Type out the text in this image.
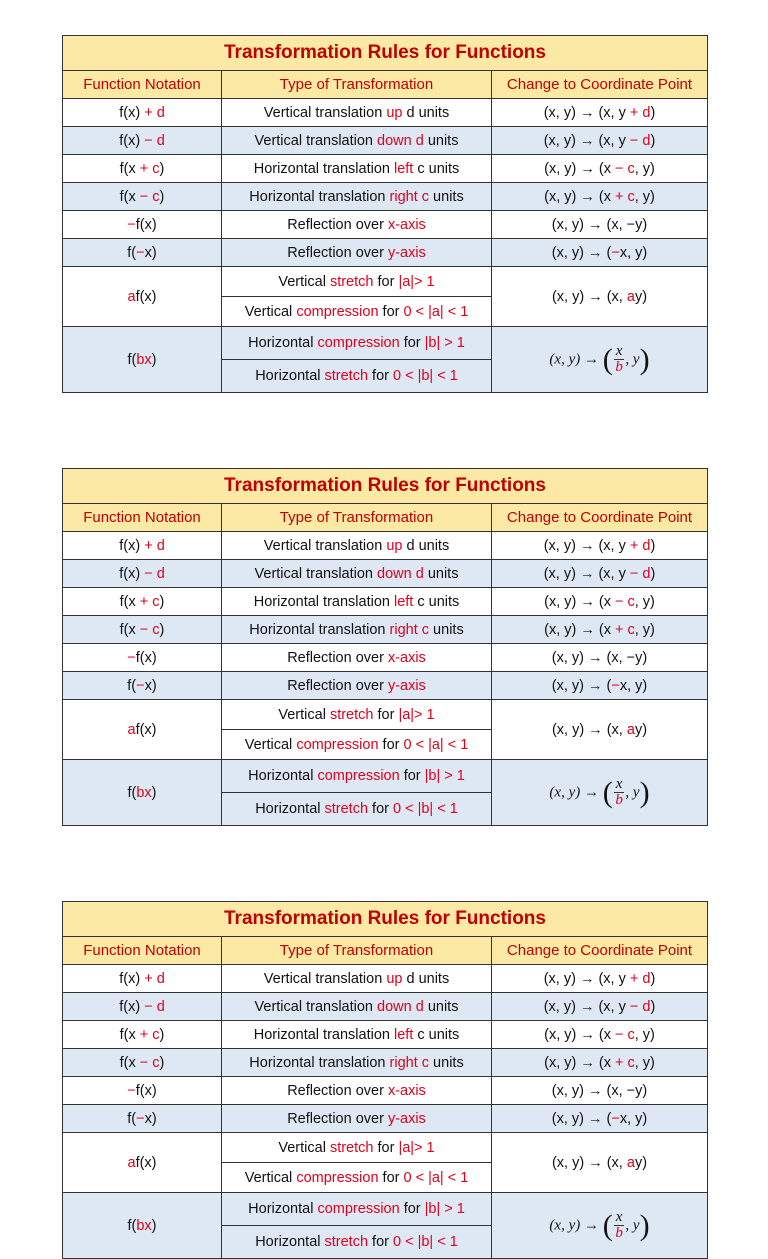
Transformation Rules for Functions		
Function Notation	Type of Transformation	Change to Coordinate Point
f(x) + d	Vertical translation up d units	(x, y) → (x, y + d)
f(x) − d	Vertical translation down d units	(x, y) → (x, y − d)
f(x + c)	Horizontal translation left c units	(x, y) → (x − c, y)
f(x − c)	Horizontal translation right c units	(x, y) → (x + c, y)
−f(x)	Reflection over x-axis	(x, y) → (x, −y)
f(−x)	Reflection over y-axis	(x, y) → (−x, y)
af(x)	Vertical stretch for |a|> 1	(x, y) → (x, ay)
	Vertical compression for 0 < |a| < 1	
f(bx)	Horizontal compression for |b| > 1	(x, y) → ( $\frac{x}{b}$ , y)
	Horizontal stretch for 0 < |b| < 1	
Transformation Rules for Functions		
Function Notation	Type of Transformation	Change to Coordinate Point
f(x) + d	Vertical translation up d units	(x, y) → (x, y + d)
f(x) − d	Vertical translation down d units	(x, y) → (x, y − d)
f(x + c)	Horizontal translation left c units	(x, y) → (x − c, y)
f(x − c)	Horizontal translation right c units	(x, y) → (x + c, y)
−f(x)	Reflection over x-axis	(x, y) → (x, −y)
f(−x)	Reflection over y-axis	(x, y) → (−x, y)
af(x)	Vertical stretch for |a|> 1	(x, y) → (x, ay)
	Vertical compression for 0 < |a| < 1	
f(bx)	Horizontal compression for |b| > 1	(x, y) → ( $\frac{x}{b}$ , y)
	Horizontal stretch for 0 < |b| < 1	
Transformation Rules for Functions		
Function Notation	Type of Transformation	Change to Coordinate Point
f(x) + d	Vertical translation up d units	(x, y) → (x, y + d)
f(x) − d	Vertical translation down d units	(x, y) → (x, y − d)
f(x + c)	Horizontal translation left c units	(x, y) → (x − c, y)
f(x − c)	Horizontal translation right c units	(x, y) → (x + c, y)
−f(x)	Reflection over x-axis	(x, y) → (x, −y)
f(−x)	Reflection over y-axis	(x, y) → (−x, y)
af(x)	Vertical stretch for |a|> 1	(x, y) → (x, ay)
	Vertical compression for 0 < |a| < 1	
f(bx)	Horizontal compression for |b| > 1	(x, y) → ( $\frac{x}{b}$ , y)
	Horizontal stretch for 0 < |b| < 1	
